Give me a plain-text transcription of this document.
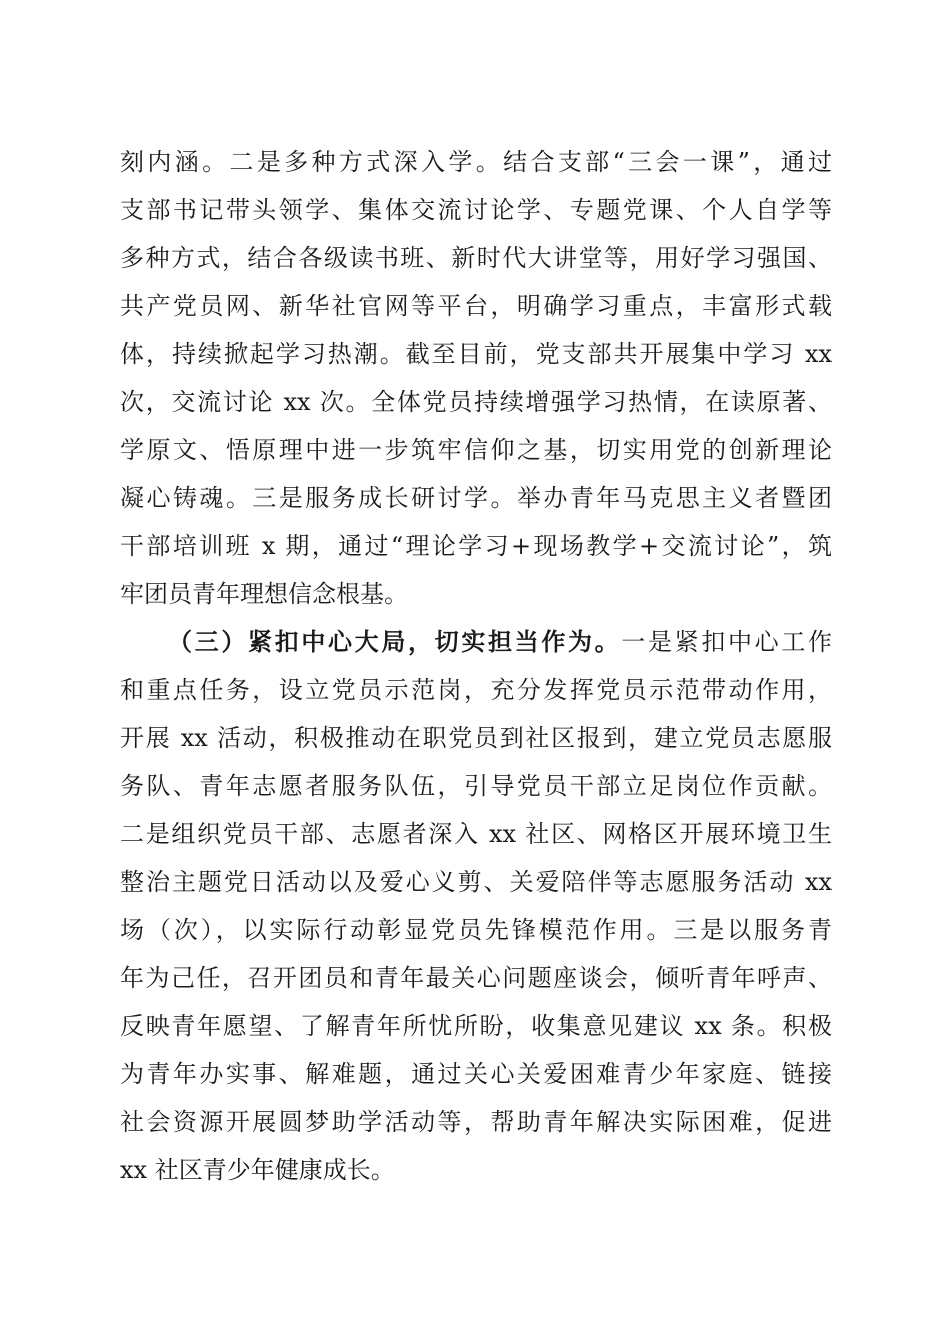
刻内涵。二是多种方式深入学。结合支部“三会一课”，通过
支部书记带头领学、集体交流讨论学、专题党课、个人自学等
多种方式，结合各级读书班、新时代大讲堂等，用好学习强国、
共产党员网、新华社官网等平台，明确学习重点，丰富形式载
体，持续掀起学习热潮。截至目前，党支部共开展集中学习 xx
次，交流讨论 xx 次。全体党员持续增强学习热情，在读原著、
学原文、悟原理中进一步筑牢信仰之基，切实用党的创新理论
凝心铸魂。三是服务成长研讨学。举办青年马克思主义者暨团
干部培训班 x 期，通过“理论学习+现场教学+交流讨论”，筑
牢团员青年理想信念根基。
（三）紧扣中心大局，切实担当作为。一是紧扣中心工作
和重点任务，设立党员示范岗，充分发挥党员示范带动作用，
开展 xx 活动，积极推动在职党员到社区报到，建立党员志愿服
务队、青年志愿者服务队伍，引导党员干部立足岗位作贡献。
二是组织党员干部、志愿者深入 xx 社区、网格区开展环境卫生
整治主题党日活动以及爱心义剪、关爱陪伴等志愿服务活动 xx
场（次），以实际行动彰显党员先锋模范作用。三是以服务青
年为己任，召开团员和青年最关心问题座谈会，倾听青年呼声、
反映青年愿望、了解青年所忧所盼，收集意见建议 xx 条。积极
为青年办实事、解难题，通过关心关爱困难青少年家庭、链接
社会资源开展圆梦助学活动等，帮助青年解决实际困难，促进
xx 社区青少年健康成长。
